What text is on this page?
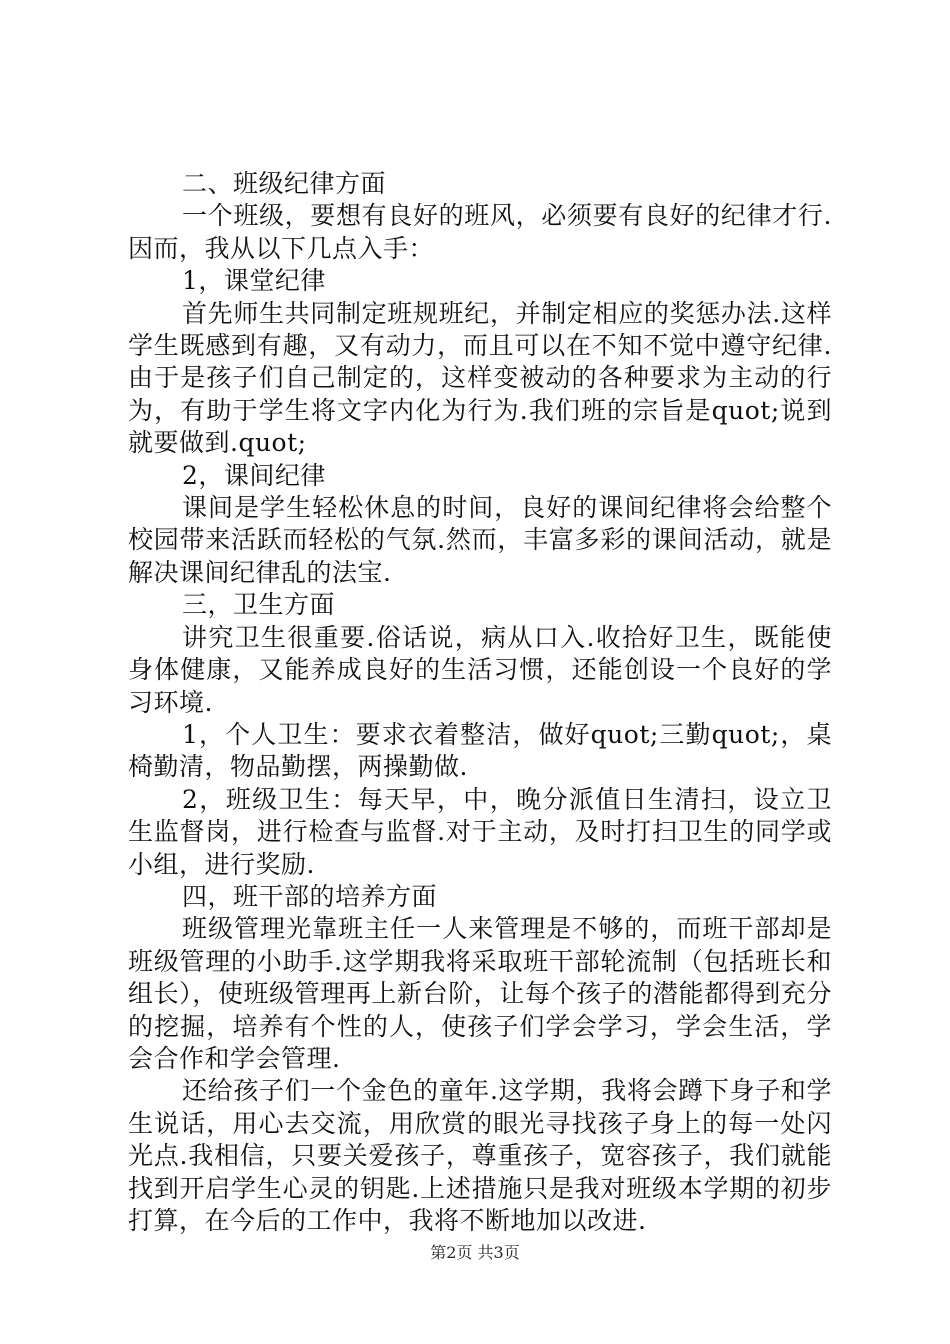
二、班级纪律方面

一个班级，要想有良好的班风，必须要有良好的纪律才行.因而，我从以下几点入手：

1，课堂纪律

首先师生共同制定班规班纪，并制定相应的奖惩办法.这样学生既感到有趣，又有动力，而且可以在不知不觉中遵守纪律.由于是孩子们自己制定的，这样变被动的各种要求为主动的行为，有助于学生将文字内化为行为.我们班的宗旨是quot;说到就要做到.quot;

2，课间纪律

课间是学生轻松休息的时间，良好的课间纪律将会给整个校园带来活跃而轻松的气氛.然而，丰富多彩的课间活动，就是解决课间纪律乱的法宝.

三，卫生方面

讲究卫生很重要.俗话说，病从口入.收拾好卫生，既能使身体健康，又能养成良好的生活习惯，还能创设一个良好的学习环境.

1，个人卫生：要求衣着整洁，做好quot;三勤quot;，桌椅勤清，物品勤摆，两操勤做.

2，班级卫生：每天早，中，晚分派值日生清扫，设立卫生监督岗，进行检查与监督.对于主动，及时打扫卫生的同学或小组，进行奖励.

四，班干部的培养方面

班级管理光靠班主任一人来管理是不够的，而班干部却是班级管理的小助手.这学期我将采取班干部轮流制（包括班长和组长），使班级管理再上新台阶，让每个孩子的潜能都得到充分的挖掘，培养有个性的人，使孩子们学会学习，学会生活，学会合作和学会管理.

还给孩子们一个金色的童年.这学期，我将会蹲下身子和学生说话，用心去交流，用欣赏的眼光寻找孩子身上的每一处闪光点.我相信，只要关爱孩子，尊重孩子，宽容孩子，我们就能找到开启学生心灵的钥匙.上述措施只是我对班级本学期的初步打算，在今后的工作中，我将不断地加以改进.

第2页 共3页
